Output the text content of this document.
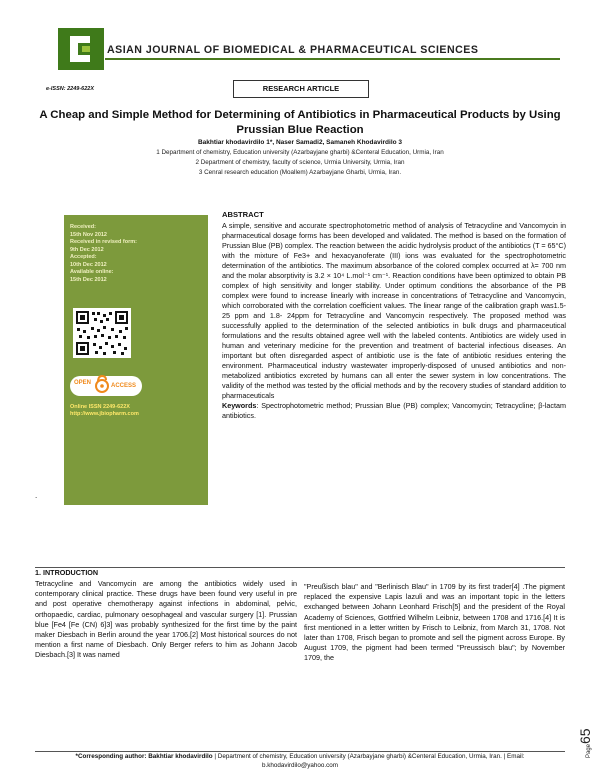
ASIAN JOURNAL OF BIOMEDICAL & PHARMACEUTICAL SCIENCES
e-ISSN: 2249-622X	RESEARCH ARTICLE
A Cheap and Simple Method for Determining of Antibiotics in Pharmaceutical Products by Using Prussian Blue Reaction
Bakhtiar khodavirdilo 1*, Naser Samadi2, Samaneh Khodavirdilo 3
1 Department of chemistry, Education university (Azarbayjane gharbi) &Centeral Education, Urmia, Iran
2 Department of chemistry, faculty of science, Urmia University, Urmia, Iran
3 Cenral research education (Moallem) Azarbayjane Gharbi, Urmia, Iran.
Received:
15th Nov 2012
Received in revised form:
9th Dec 2012
Accepted:
10th Dec 2012
Available online:
15th Dec 2012
OPEN	ACCESS
Online ISSN 2249-622X
http://www.jbiopharm.com
.
ABSTRACT
A simple, sensitive and accurate spectrophotometric method of analysis of Tetracycline and Vancomycin in pharmaceutical dosage forms has been developed and validated. The method is based on the formation of Prussian Blue (PB) complex. The reaction between the acidic hydrolysis product of the antibiotics (T = 65°C) with the mixture of Fe3+ and hexacyanoferate (III) ions was evaluated for the spectrophotometric determination of the antibiotics. The maximum absorbance of the colored complex occurred at λ= 700 nm and the molar absorptivity is 3.2 × 10⁴ L.mol⁻¹ cm⁻¹. Reaction conditions have been optimized to obtain PB complex of high sensitivity and longer stability. Under optimum conditions the absorbance of the PB complex were found to increase linearly with increase in concentrations of Tetracycline and Vancomycin, which corroborated with the correlation coefficient values. The linear range of the calibration graph was1.5-25 ppm and 1.8- 24ppm for Tetracycline and Vancomycin respectively. The proposed method was successfully applied to the determination of the selected antibiotics in bulk drugs and pharmaceutical formulations and the results obtained agree well with the labeled contents. Antibiotics are widely used in human and veterinary medicine for the prevention and treatment of bacterial infectious diseases. An important but often disregarded aspect of antibiotic use is the fate of antibiotic residues entering the environment. Pharmaceutical industry wastewater improperly-disposed of unused antibiotics and non-metabolized antibiotics excreted by humans can all enter the sewer system in low concentrations. The validity of the method was tested by the official methods and by the recovery studies of standard addition to pharmaceuticals
Keywords: Spectrophotometric method; Prussian Blue (PB) complex; Vancomycin; Tetracycline; β-lactam antibiotics.
1. INTRODUCTION
Tetracycline and Vancomycin are among the antibiotics widely used in contemporary clinical practice. These drugs have been found very useful in pre and post operative chemotherapy against infections in abdominal, pelvic, orthopaedic, cardiac, pulmonary oesophageal and vascular surgery [1]. Prussian blue [Fe4 [Fe (CN) 6]3] was probably synthesized for the first time by the paint maker Diesbach in Berlin around the year 1706.[2] Most historical sources do not mention a first name of Diesbach. Only Berger refers to him as Johann Jacob Diesbach.[3] It was named
"Preußisch blau" and "Berlinisch Blau" in 1709 by its first trader[4] .The pigment replaced the expensive Lapis lazuli and was an important topic in the letters exchanged between Johann Leonhard Frisch[5] and the president of the Royal Academy of Sciences, Gottfried Wilhelm Leibniz, between 1708 and 1716.[4] It is first mentioned in a letter written by Frisch to Leibniz, from March 31, 1708. Not later than 1708, Frisch began to promote and sell the pigment across Europe. By August 1709, the pigment had been termed "Preussisch blau"; by November 1709, the
Page
65
*Corresponding author: Bakhtiar khodavirdilo | Department of chemistry, Education university (Azarbayjane gharbi) &Centeral Education, Urmia, Iran. | Email: b.khodavirdilo@yahoo.com
